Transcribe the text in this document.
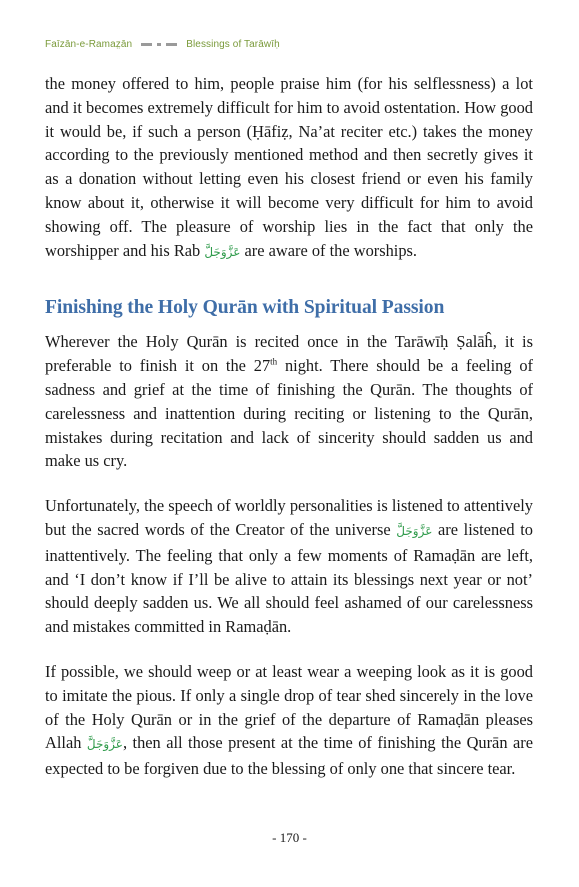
Faīzān-e-Ramaz̤ān	Blessings of Tarāwīḥ

the money offered to him, people praise him (for his selflessness) a lot and it becomes extremely difficult for him to avoid ostentation. How good it would be, if such a person (Ḥāfiẓ, Na’at reciter etc.) takes the money according to the previously mentioned method and then secretly gives it as a donation without letting even his closest friend or even his family know about it, otherwise it will become very difficult for him to avoid showing off. The pleasure of worship lies in the fact that only the worshipper and his Rab عَزَّوَجَلَّ are aware of the worships.

Finishing the Holy Qurān with Spiritual Passion

Wherever the Holy Qurān is recited once in the Tarāwīḥ Ṣalāĥ, it is preferable to finish it on the 27th night. There should be a feeling of sadness and grief at the time of finishing the Qurān. The thoughts of carelessness and inattention during reciting or listening to the Qurān, mistakes during recitation and lack of sincerity should sadden us and make us cry.

Unfortunately, the speech of worldly personalities is listened to attentively but the sacred words of the Creator of the universe عَزَّوَجَلَّ are listened to inattentively. The feeling that only a few moments of Ramaḍān are left, and ‘I don’t know if I’ll be alive to attain its blessings next year or not’ should deeply sadden us. We all should feel ashamed of our carelessness and mistakes committed in Ramaḍān.

If possible, we should weep or at least wear a weeping look as it is good to imitate the pious. If only a single drop of tear shed sincerely in the love of the Holy Qurān or in the grief of the departure of Ramaḍān pleases Allah عَزَّوَجَلَّ, then all those present at the time of finishing the Qurān are expected to be forgiven due to the blessing of only one that sincere tear.

- 170 -
